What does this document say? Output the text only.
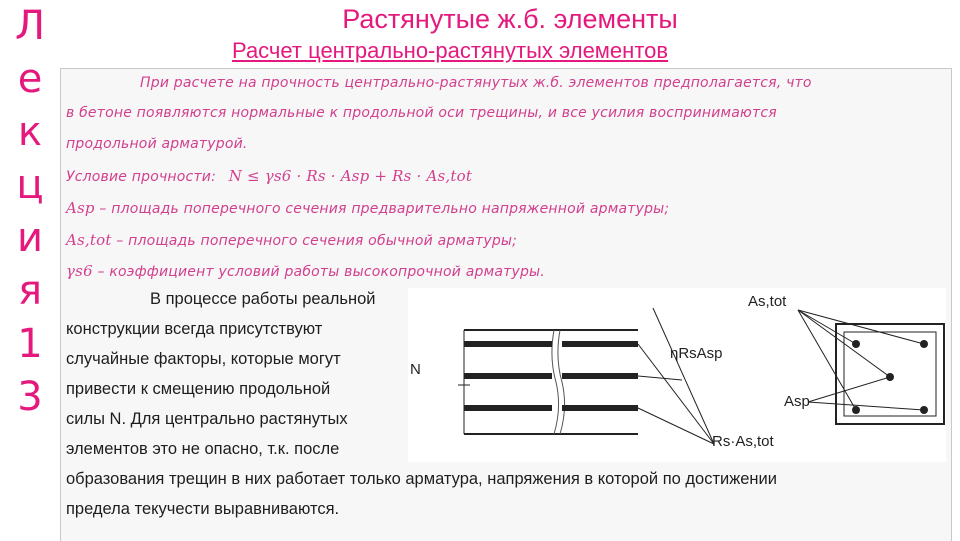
Л
е
к
ц
и
я
1
3
Растянутые ж.б. элементы
Расчет центрально-растянутых элементов
При расчете на прочность центрально-растянутых ж.б. элементов предполагается, что
в бетоне появляются нормальные к продольной оси трещины, и все усилия воспринимаются
продольной арматурой.
Условие прочности: N ≤ γs6 · Rs · Asp + Rs · As,tot
Asp – площадь поперечного сечения предварительно напряженной арматуры;
As,tot – площадь поперечного сечения обычной арматуры;
γs6 – коэффициент условий работы высокопрочной арматуры.
N
ηRsAsp
Rs·As,tot
As,tot
Asp
В процессе работы реальной
конструкции всегда присутствуют
случайные факторы, которые могут
привести к смещению продольной
силы N. Для центрально растянутых
элементов это не опасно, т.к. после
образования трещин в них работает только арматура, напряжения в которой по достижении
предела текучести выравниваются.
